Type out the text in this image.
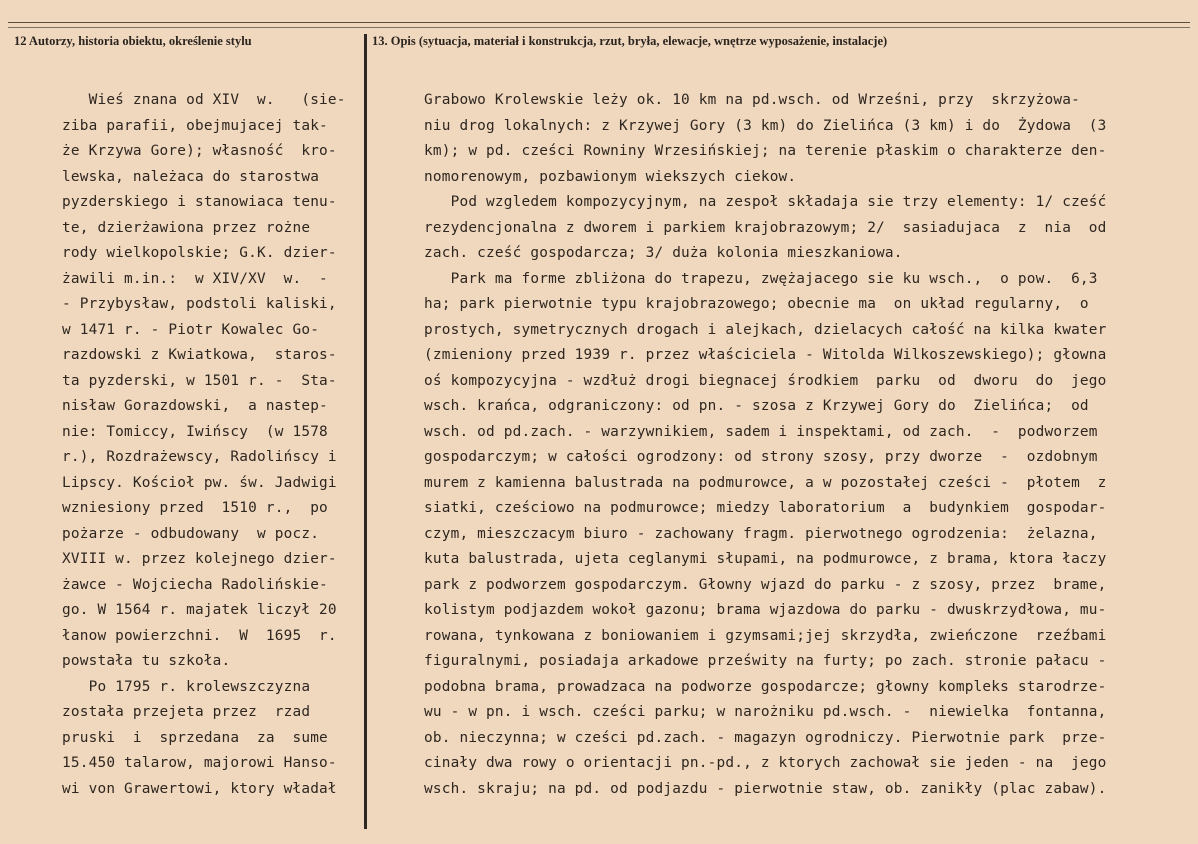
12 Autorzy, historia obiektu, określenie stylu	13. Opis (sytuacja, materiał i konstrukcja, rzut, bryła, elewacje, wnętrze wyposażenie, instalacje)
Wieś znana od XIV  w.   (sie-
ziba parafii, obejmujacej tak-
że Krzywa Gore); własność  kro-
lewska, należaca do starostwa
pyzderskiego i stanowiaca tenu-
te, dzierżawiona przez rożne
rody wielkopolskie; G.K. dzier-
żawili m.in.:  w XIV/XV  w.  -
- Przybysław, podstoli kaliski,
w 1471 r. - Piotr Kowalec Go-
razdowski z Kwiatkowa,  staros-
ta pyzderski, w 1501 r. -  Sta-
nisław Gorazdowski,  a nastep-
nie: Tomiccy, Iwińscy  (w 1578
r.), Rozdrażewscy, Radolińscy i
Lipscy. Kościoł pw. św. Jadwigi
wzniesiony przed  1510 r.,  po
pożarze - odbudowany  w pocz.
XVIII w. przez kolejnego dzier-
żawce - Wojciecha Radolińskie-
go. W 1564 r. majatek liczył 20
łanow powierzchni.  W  1695  r.
powstała tu szkoła.
Po 1795 r. krolewszczyzna
została przejeta przez  rzad
pruski  i  sprzedana  za  sume
15.450 talarow, majorowi Hanso-
wi von Grawertowi, ktory władał
Grabowo Krolewskie leży ok. 10 km na pd.wsch. od Wrześni, przy  skrzyżowa-
niu drog lokalnych: z Krzywej Gory (3 km) do Zielińca (3 km) i do  Żydowa  (3
km); w pd. cześci Rowniny Wrzesińskiej; na terenie płaskim o charakterze den-
nomorenowym, pozbawionym wiekszych ciekow.
Pod wzgledem kompozycyjnym, na zespoł składaja sie trzy elementy: 1/ cześć
rezydencjonalna z dworem i parkiem krajobrazowym; 2/  sasiadujaca  z  nia  od
zach. cześć gospodarcza; 3/ duża kolonia mieszkaniowa.
Park ma forme zbliżona do trapezu, zwężajacego sie ku wsch.,  o pow.  6,3
ha; park pierwotnie typu krajobrazowego; obecnie ma  on układ regularny,  o
prostych, symetrycznych drogach i alejkach, dzielacych całość na kilka kwater
(zmieniony przed 1939 r. przez właściciela - Witolda Wilkoszewskiego); głowna
oś kompozycyjna - wzdłuż drogi biegnacej środkiem  parku  od  dworu  do  jego
wsch. krańca, odgraniczony: od pn. - szosa z Krzywej Gory do  Zielińca;  od
wsch. od pd.zach. - warzywnikiem, sadem i inspektami, od zach.  -  podworzem
gospodarczym; w całości ogrodzony: od strony szosy, przy dworze  -  ozdobnym
murem z kamienna balustrada na podmurowce, a w pozostałej cześci -  płotem  z
siatki, cześciowo na podmurowce; miedzy laboratorium  a  budynkiem  gospodar-
czym, mieszczacym biuro - zachowany fragm. pierwotnego ogrodzenia:  żelazna,
kuta balustrada, ujeta ceglanymi słupami, na podmurowce, z brama, ktora łaczy
park z podworzem gospodarczym. Głowny wjazd do parku - z szosy, przez  brame,
kolistym podjazdem wokoł gazonu; brama wjazdowa do parku - dwuskrzydłowa, mu-
rowana, tynkowana z boniowaniem i gzymsami;jej skrzydła, zwieńczone  rzeźbami
figuralnymi, posiadaja arkadowe prześwity na furty; po zach. stronie pałacu -
podobna brama, prowadzaca na podworze gospodarcze; głowny kompleks starodrze-
wu - w pn. i wsch. cześci parku; w narożniku pd.wsch. -  niewielka  fontanna,
ob. nieczynna; w cześci pd.zach. - magazyn ogrodniczy. Pierwotnie park  prze-
cinały dwa rowy o orientacji pn.-pd., z ktorych zachował sie jeden - na  jego
wsch. skraju; na pd. od podjazdu - pierwotnie staw, ob. zanikły (plac zabaw).
